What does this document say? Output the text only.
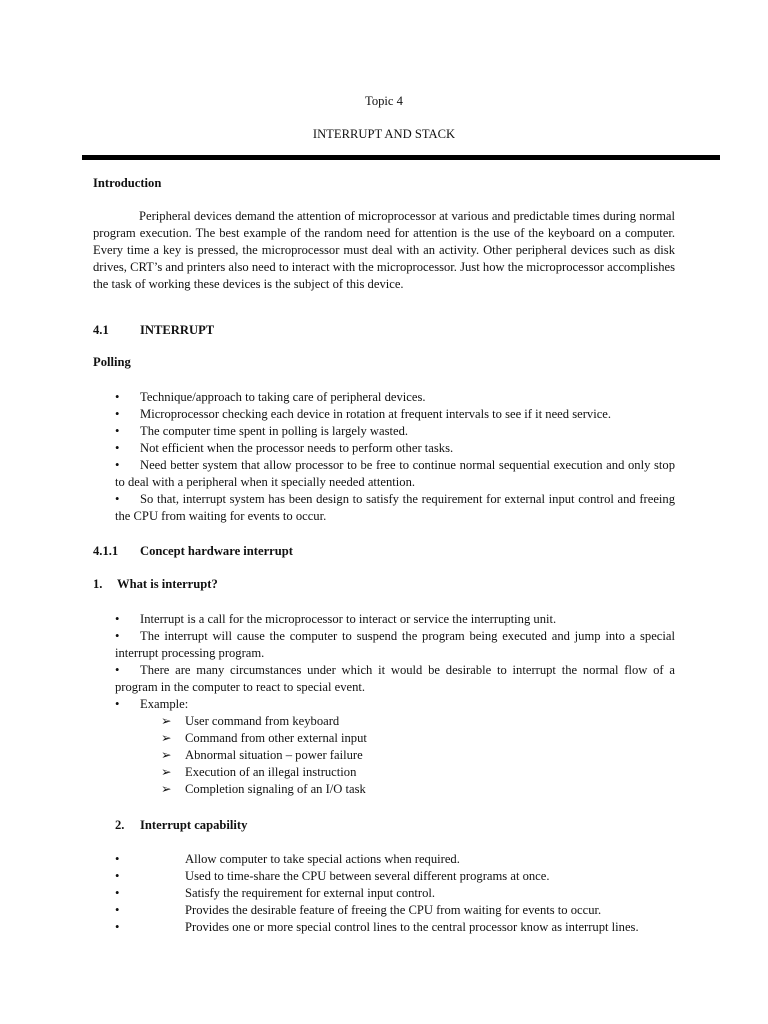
Topic 4
INTERRUPT AND STACK
Introduction
Peripheral devices demand the attention of microprocessor at various and predictable times during normal program execution. The best example of the random need for attention is the use of the keyboard on a computer. Every time a key is pressed, the microprocessor must deal with an activity. Other peripheral devices such as disk drives, CRT’s and printers also need to interact with the microprocessor. Just how the microprocessor accomplishes the task of working these devices is the subject of this device.
4.1 INTERRUPT
Polling
•	Technique/approach to taking care of peripheral devices.
•	Microprocessor checking each device in rotation at frequent intervals to see if it need service.
•	The computer time spent in polling is largely wasted.
•	Not efficient when the processor needs to perform other tasks.
• Need better system that allow processor to be free to continue normal sequential execution and only stop to deal with a peripheral when it specially needed attention.
• So that, interrupt system has been design to satisfy the requirement for external input control and freeing the CPU from waiting for events to occur.
4.1.1 Concept hardware interrupt
1. What is interrupt?
•	Interrupt is a call for the microprocessor to interact or service the interrupting unit.
• The interrupt will cause the computer to suspend the program being executed and jump into a special interrupt processing program.
• There are many circumstances under which it would be desirable to interrupt the normal flow of a program in the computer to react to special event.
•	Example:
➢ User command from keyboard
➢ Command from other external input
➢ Abnormal situation – power failure
➢ Execution of an illegal instruction
➢ Completion signaling of an I/O task
2. Interrupt capability
•	Allow computer to take special actions when required.
•	Used to time-share the CPU between several different programs at once.
•	Satisfy the requirement for external input control.
•	Provides the desirable feature of freeing the CPU from waiting for events to occur.
•	Provides one or more special control lines to the central processor know as interrupt lines.
